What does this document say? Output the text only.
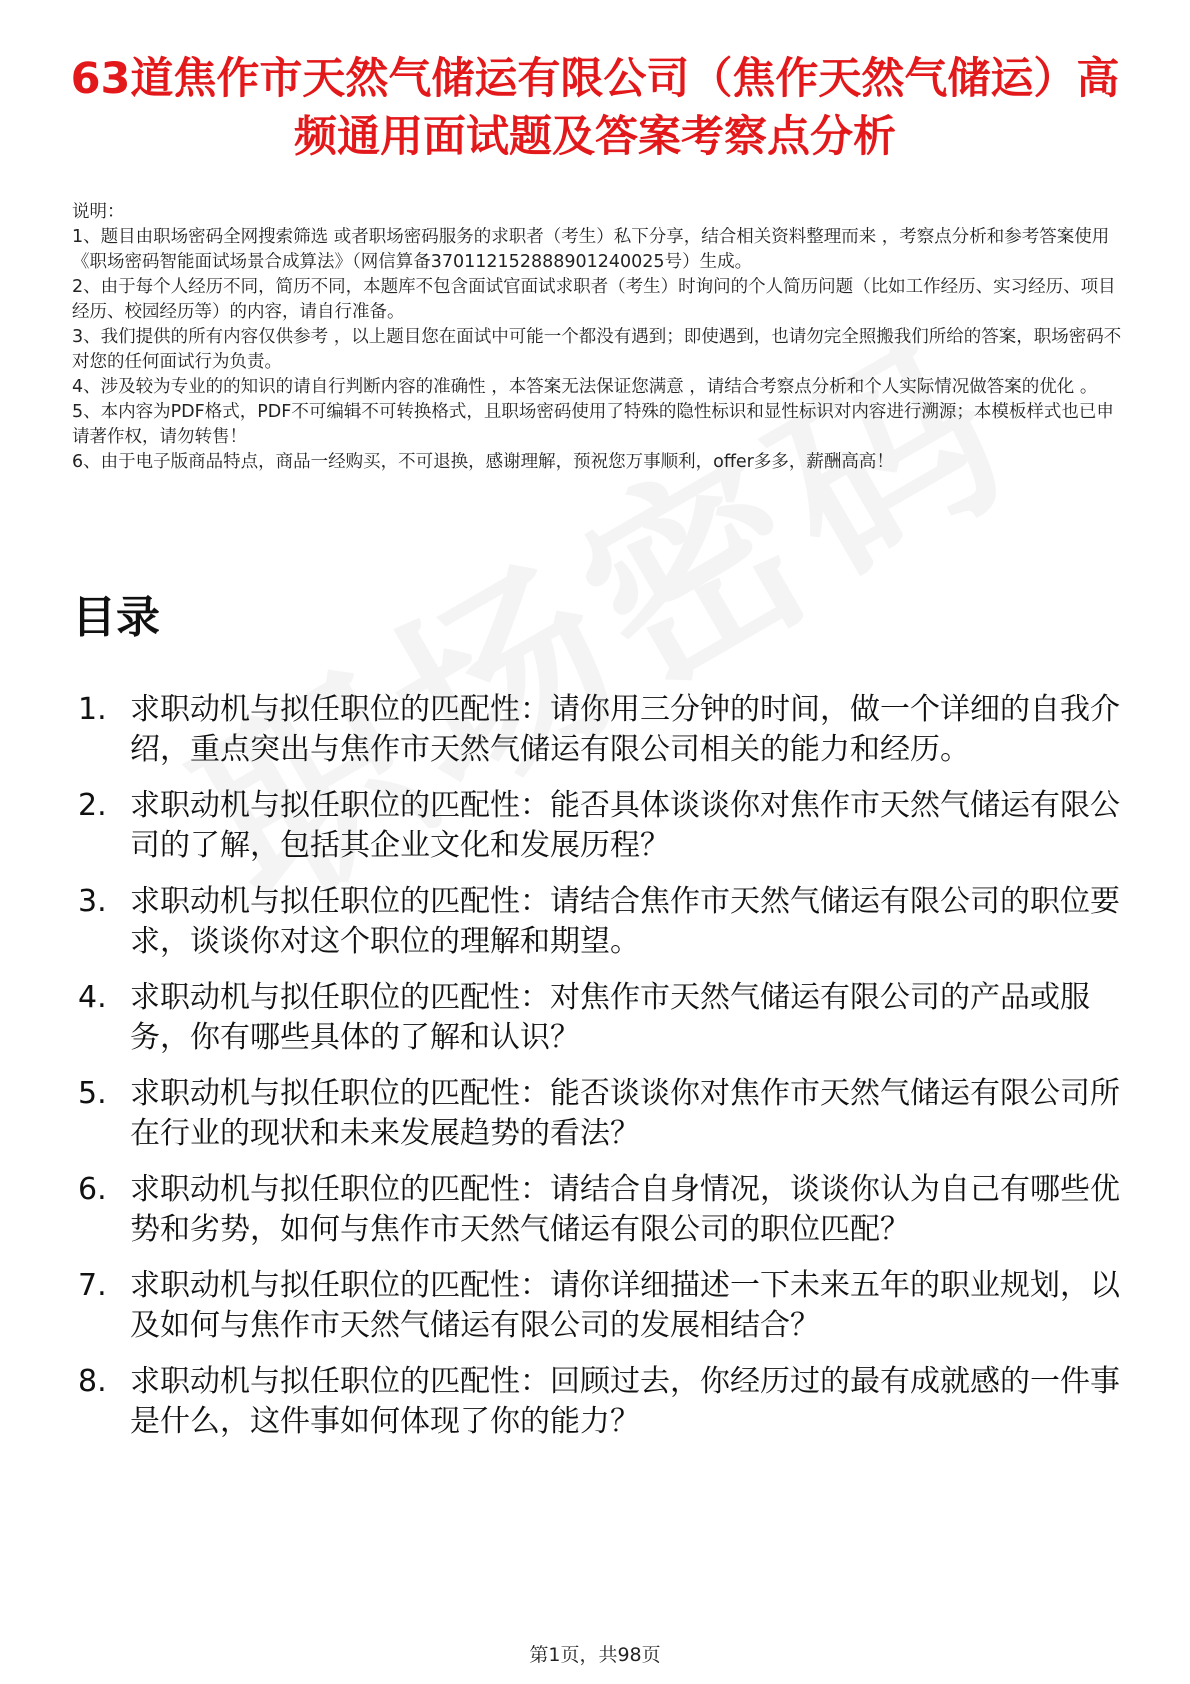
63道焦作市天然气储运有限公司（焦作天然气储运）高频通用面试题及答案考察点分析

说明：

1、题目由职场密码全网搜索筛选 或者职场密码服务的求职者（考生）私下分享，结合相关资料整理而来 ，考察点分析和参考答案使用《职场密码智能面试场景合成算法》（网信算备370112152888901240025号）生成。

2、由于每个人经历不同，简历不同，本题库不包含面试官面试求职者（考生）时询问的个人简历问题（比如工作经历、实习经历、项目经历、校园经历等）的内容，请自行准备。

3、我们提供的所有内容仅供参考 ，以上题目您在面试中可能一个都没有遇到；即使遇到，也请勿完全照搬我们所给的答案，职场密码不对您的任何面试行为负责。

4、涉及较为专业的的知识的请自行判断内容的准确性 ，本答案无法保证您满意 ，请结合考察点分析和个人实际情况做答案的优化 。

5、本内容为PDF格式，PDF不可编辑不可转换格式，且职场密码使用了特殊的隐性标识和显性标识对内容进行溯源；本模板样式也已申请著作权，请勿转售！

6、由于电子版商品特点，商品一经购买，不可退换，感谢理解，预祝您万事顺利，offer多多，薪酬高高！

目录
1. 求职动机与拟任职位的匹配性：请你用三分钟的时间，做一个详细的自我介绍，重点突出与焦作市天然气储运有限公司相关的能力和经历。
2. 求职动机与拟任职位的匹配性：能否具体谈谈你对焦作市天然气储运有限公司的了解，包括其企业文化和发展历程？
3. 求职动机与拟任职位的匹配性：请结合焦作市天然气储运有限公司的职位要求，谈谈你对这个职位的理解和期望。
4. 求职动机与拟任职位的匹配性：对焦作市天然气储运有限公司的产品或服务，你有哪些具体的了解和认识？
5. 求职动机与拟任职位的匹配性：能否谈谈你对焦作市天然气储运有限公司所在行业的现状和未来发展趋势的看法？
6. 求职动机与拟任职位的匹配性：请结合自身情况，谈谈你认为自己有哪些优势和劣势，如何与焦作市天然气储运有限公司的职位匹配？
7. 求职动机与拟任职位的匹配性：请你详细描述一下未来五年的职业规划，以及如何与焦作市天然气储运有限公司的发展相结合？
8. 求职动机与拟任职位的匹配性：回顾过去，你经历过的最有成就感的一件事是什么，这件事如何体现了你的能力？
第1页，共98页
